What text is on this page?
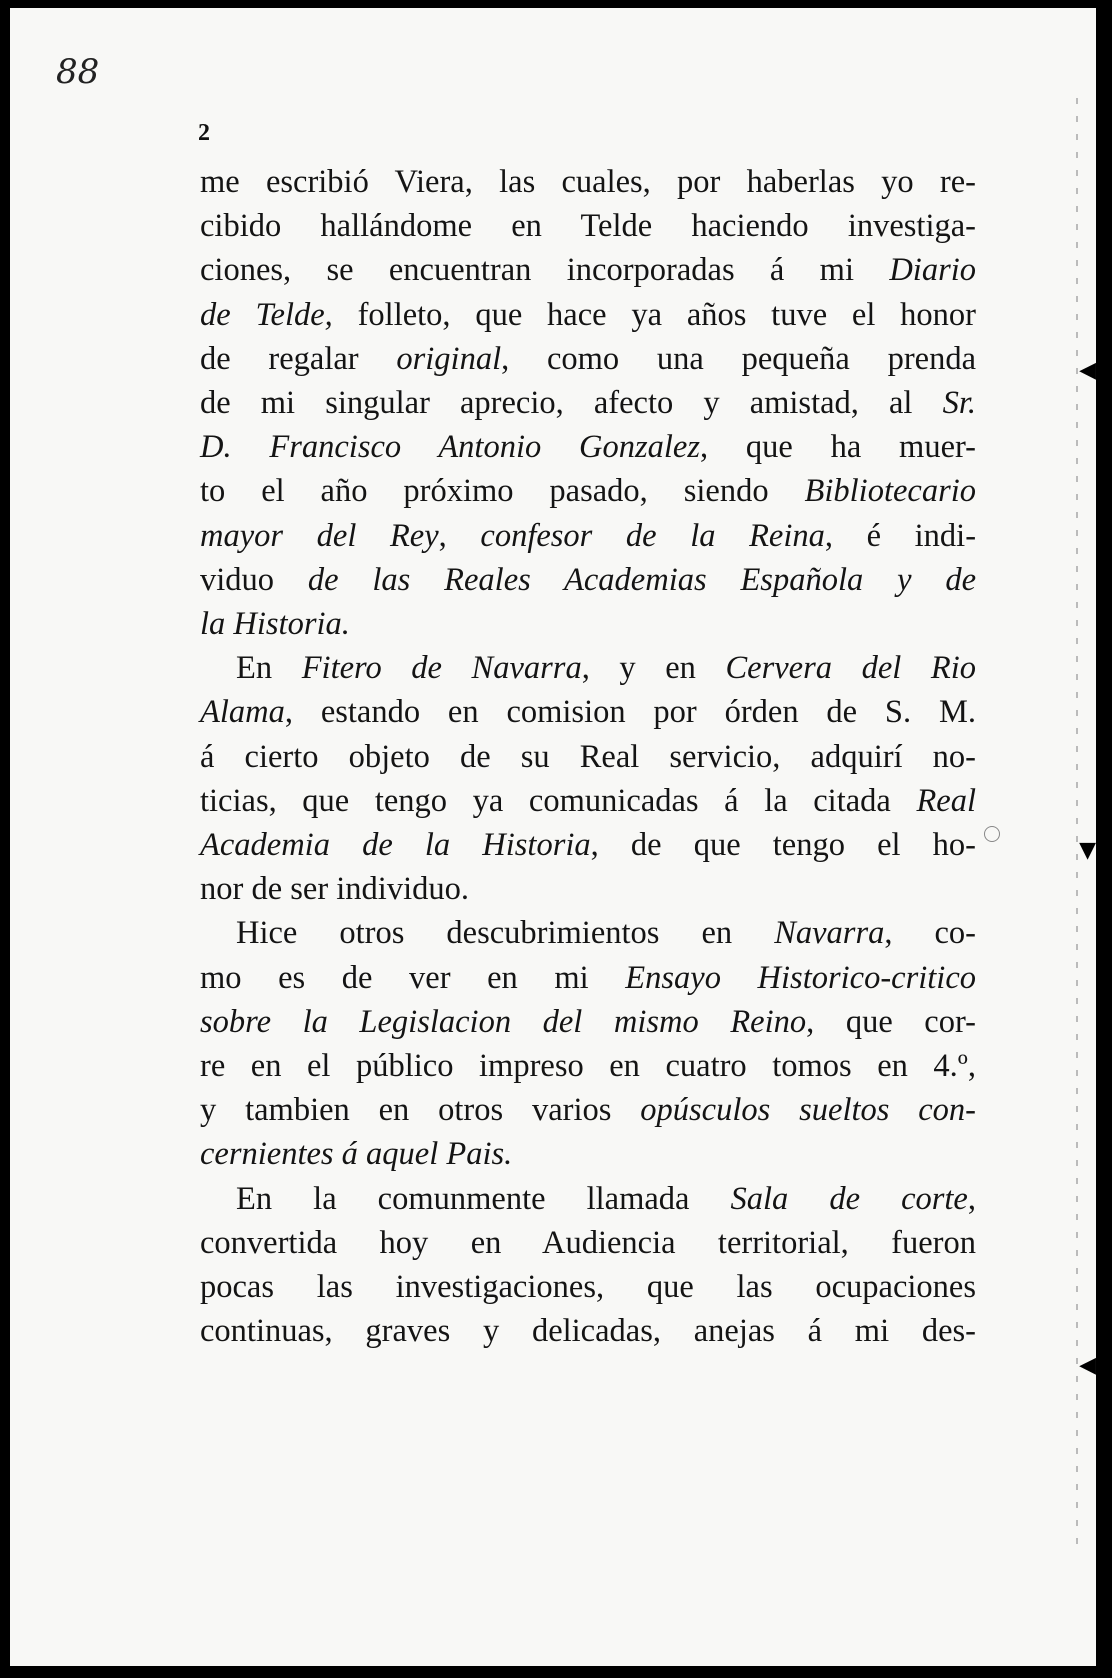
88
2
◀
▼
◀
me escribió Viera, las cuales, por haberlas yo re-
cibido hallándome en Telde haciendo investiga-
ciones, se encuentran incorporadas á mi Diario
de Telde, folleto, que hace ya años tuve el honor
de regalar original, como una pequeña prenda
de mi singular aprecio, afecto y amistad, al Sr.
D. Francisco Antonio Gonzalez, que ha muer-
to el año próximo pasado, siendo Bibliotecario
mayor del Rey, confesor de la Reina, é indi-
viduo de las Reales Academias Española y de
la Historia.
En Fitero de Navarra, y en Cervera del Rio
Alama, estando en comision por órden de S. M.
á cierto objeto de su Real servicio, adquirí no-
ticias, que tengo ya comunicadas á la citada Real
Academia de la Historia, de que tengo el ho-
nor de ser individuo.
Hice otros descubrimientos en Navarra, co-
mo es de ver en mi Ensayo Historico-critico
sobre la Legislacion del mismo Reino, que cor-
re en el público impreso en cuatro tomos en 4.º,
y tambien en otros varios opúsculos sueltos con-
cernientes á aquel Pais.
En la comunmente llamada Sala de corte,
convertida hoy en Audiencia territorial, fueron
pocas las investigaciones, que las ocupaciones
continuas, graves y delicadas, anejas á mi des-
